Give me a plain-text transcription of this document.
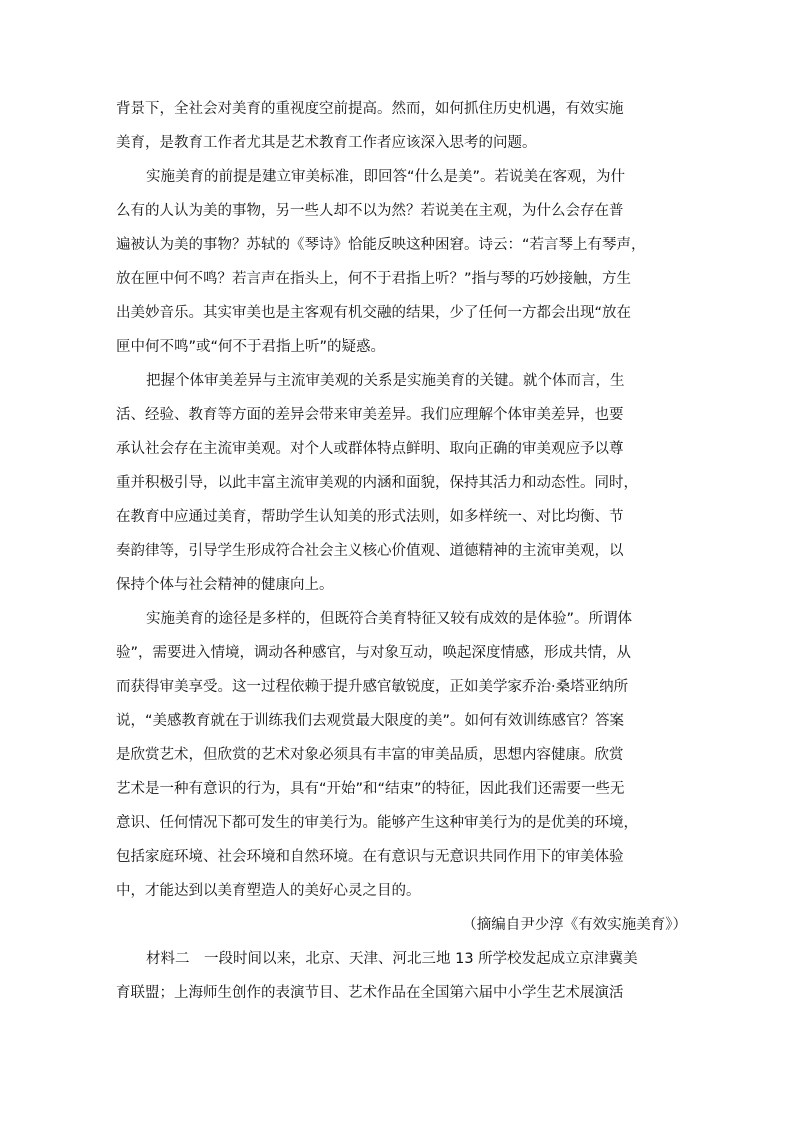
背景下，全社会对美育的重视度空前提高。然而，如何抓住历史机遇，有效实施
美育，是教育工作者尤其是艺术教育工作者应该深入思考的问题。
实施美育的前提是建立审美标准，即回答“什么是美”。若说美在客观，为什
么有的人认为美的事物，另一些人却不以为然？若说美在主观，为什么会存在普
遍被认为美的事物？苏轼的《琴诗》恰能反映这种困窘。诗云：“若言琴上有琴声，
放在匣中何不鸣？若言声在指头上，何不于君指上听？”指与琴的巧妙接触，方生
出美妙音乐。其实审美也是主客观有机交融的结果，少了任何一方都会出现“放在
匣中何不鸣”或“何不于君指上听”的疑惑。
把握个体审美差异与主流审美观的关系是实施美育的关键。就个体而言，生
活、经验、教育等方面的差异会带来审美差异。我们应理解个体审美差异，也要
承认社会存在主流审美观。对个人或群体特点鲜明、取向正确的审美观应予以尊
重并积极引导，以此丰富主流审美观的内涵和面貌，保持其活力和动态性。同时，
在教育中应通过美育，帮助学生认知美的形式法则，如多样统一、对比均衡、节
奏韵律等，引导学生形成符合社会主义核心价值观、道德精神的主流审美观，以
保持个体与社会精神的健康向上。
实施美育的途径是多样的，但既符合美育特征又较有成效的是体验”。所谓体
验”，需要进入情境，调动各种感官，与对象互动，唤起深度情感，形成共情，从
而获得审美享受。这一过程依赖于提升感官敏锐度，正如美学家乔治·桑塔亚纳所
说，“美感教育就在于训练我们去观赏最大限度的美”。如何有效训练感官？答案
是欣赏艺术，但欣赏的艺术对象必须具有丰富的审美品质，思想内容健康。欣赏
艺术是一种有意识的行为，具有“开始”和“结束”的特征，因此我们还需要一些无
意识、任何情况下都可发生的审美行为。能够产生这种审美行为的是优美的环境，
包括家庭环境、社会环境和自然环境。在有意识与无意识共同作用下的审美体验
中，才能达到以美育塑造人的美好心灵之目的。
（摘编自尹少淳《有效实施美育》）
材料二　一段时间以来，北京、天津、河北三地 13 所学校发起成立京津冀美
育联盟；上海师生创作的表演节目、艺术作品在全国第六届中小学生艺术展演活
